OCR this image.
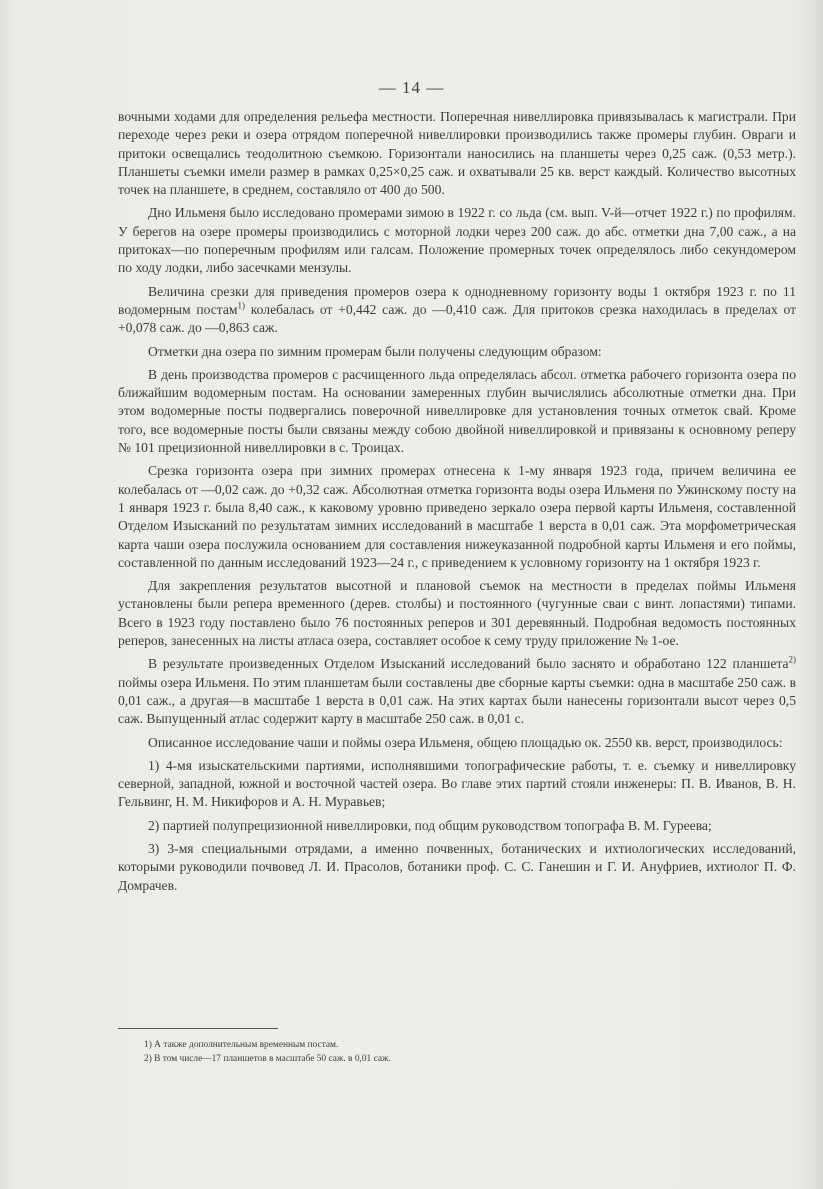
— 14 —

вочными ходами для определения рельефа местности. Поперечная нивеллировка привязывалась к магистрали. При переходе через реки и озера отрядом поперечной нивеллировки производились также промеры глубин. Овраги и притоки освещались теодолитною съемкою. Горизонтали наносились на планшеты через 0,25 саж. (0,53 метр.). Планшеты съемки имели размер в рамках 0,25×0,25 саж. и охватывали 25 кв. верст каждый. Количество высотных точек на планшете, в среднем, составляло от 400 до 500.

Дно Ильменя было исследовано промерами зимою в 1922 г. со льда (см. вып. V-й—отчет 1922 г.) по профилям. У берегов на озере промеры производились с моторной лодки через 200 саж. до абс. отметки дна 7,00 саж., а на притоках—по поперечным профилям или галсам. Положение промерных точек определялось либо секундомером по ходу лодки, либо засечками мензулы.

Величина срезки для приведения промеров озера к однодневному горизонту воды 1 октября 1923 г. по 11 водомерным постам$^{1)}$ колебалась от +0,442 саж. до —0,410 саж. Для притоков срезка находилась в пределах от +0,078 саж. до —0,863 саж.

Отметки дна озера по зимним промерам были получены следующим образом:

В день производства промеров с расчищенного льда определялась абсол. отметка рабочего горизонта озера по ближайшим водомерным постам. На основании замеренных глубин вычислялись абсолютные отметки дна. При этом водомерные посты подвергались поверочной нивеллировке для установления точных отметок свай. Кроме того, все водомерные посты были связаны между собою двойной нивеллировкой и привязаны к основному реперу № 101 прецизионной нивеллировки в с. Троицах.

Срезка горизонта озера при зимних промерах отнесена к 1-му января 1923 года, причем величина ее колебалась от —0,02 саж. до +0,32 саж. Абсолютная отметка горизонта воды озера Ильменя по Ужинскому посту на 1 января 1923 г. была 8,40 саж., к каковому уровню приведено зеркало озера первой карты Ильменя, составленной Отделом Изысканий по результатам зимних исследований в масштабе 1 верста в 0,01 саж. Эта морфометрическая карта чаши озера послужила основанием для составления нижеуказанной подробной карты Ильменя и его поймы, составленной по данным исследований 1923—24 г., с приведением к условному горизонту на 1 октября 1923 г.

Для закрепления результатов высотной и плановой съемок на местности в пределах поймы Ильменя установлены были репера временного (дерев. столбы) и постоянного (чугунные сваи с винт. лопастями) типами. Всего в 1923 году поставлено было 76 постоянных реперов и 301 деревянный. Подробная ведомость постоянных реперов, занесенных на листы атласа озера, составляет особое к сему труду приложение № 1-ое.

В результате произведенных Отделом Изысканий исследований было заснято и обработано 122 планшета$^{2)}$ поймы озера Ильменя. По этим планшетам были составлены две сборные карты съемки: одна в масштабе 250 саж. в 0,01 саж., а другая—в масштабе 1 верста в 0,01 саж. На этих картах были нанесены горизонтали высот через 0,5 саж. Выпущенный атлас содержит карту в масштабе 250 саж. в 0,01 с.

Описанное исследование чаши и поймы озера Ильменя, общею площадью ок. 2550 кв. верст, производилось:

1) 4-мя изыскательскими партиями, исполнявшими топографические работы, т. е. съемку и нивеллировку северной, западной, южной и восточной частей озера. Во главе этих партий стояли инженеры: П. В. Иванов, В. Н. Гельвинг, Н. М. Никифоров и А. Н. Муравьев;

2) партией полупрецизионной нивеллировки, под общим руководством топографа В. М. Гуреева;

3) 3-мя специальными отрядами, а именно почвенных, ботанических и ихтиологических исследований, которыми руководили почвовед Л. И. Прасолов, ботаники проф. С. С. Ганешин и Г. И. Ануфриев, ихтиолог П. Ф. Домрачев.

1) А также дополнительным временным постам.
2) В том числе—17 планшетов в масштабе 50 саж. в 0,01 саж.
